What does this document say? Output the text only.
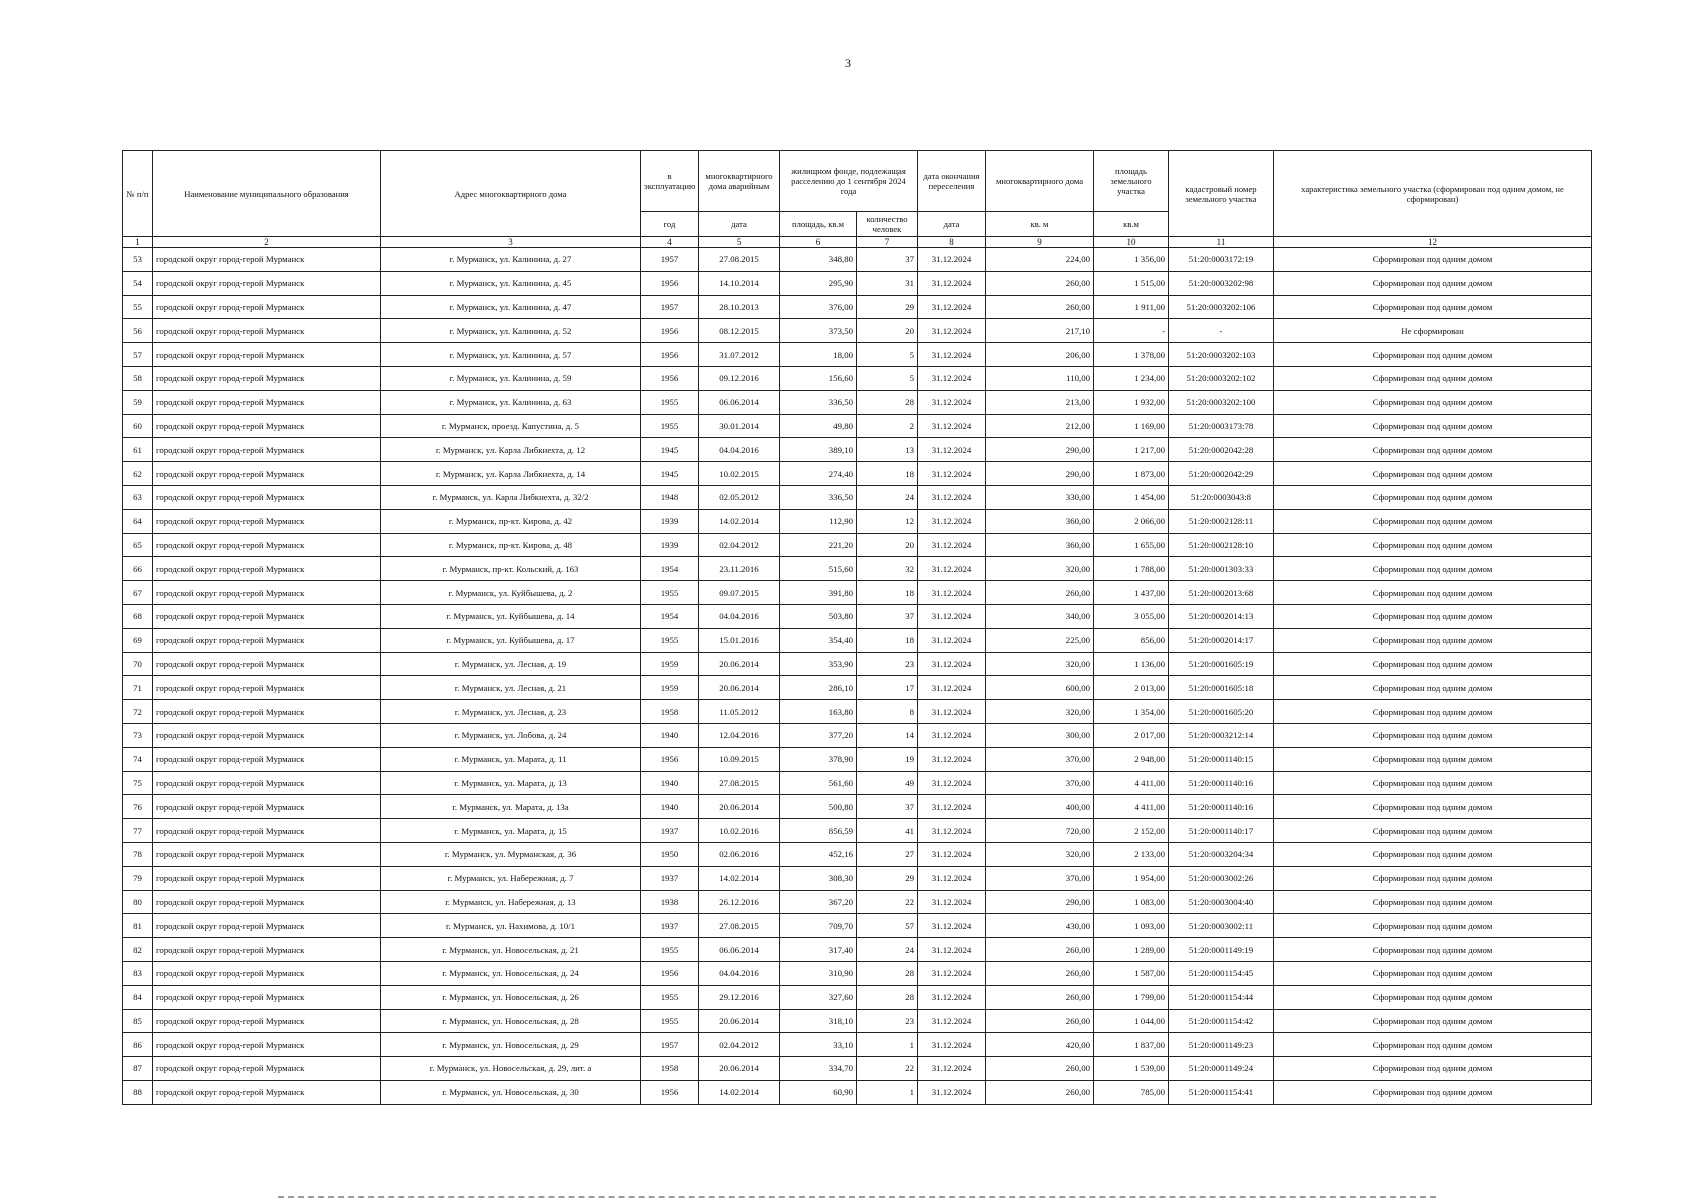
3
№ п/п	Наименование муниципального образования	Адрес многоквартирного дома	в эксплуатацию	многоквартирного дома аварийным	жилищном фонде, подлежащая расселению до 1 сентября 2024 года		дата окончания переселения	многоквартирного дома	площадь земельного участка	кадастровый номер земельного участка	характеристика земельного участка (сформирован под одним домом, не сформирован)
			год	дата	площадь, кв.м	количество человек	дата	кв. м	кв.м		
1	2	3	4	5	6	7	8	9	10	11	12
53	городской округ город-герой Мурманск	г. Мурманск, ул. Калинина, д. 27	1957	27.08.2015	348,80	37	31.12.2024	224,00	1 356,00	51:20:0003172:19	Сформирован под одним домом
54	городской округ город-герой Мурманск	г. Мурманск, ул. Калинина, д. 45	1956	14.10.2014	295,90	31	31.12.2024	260,00	1 515,00	51:20:0003202:98	Сформирован под одним домом
55	городской округ город-герой Мурманск	г. Мурманск, ул. Калинина, д. 47	1957	28.10.2013	376,00	29	31.12.2024	260,00	1 911,00	51:20:0003202:106	Сформирован под одним домом
56	городской округ город-герой Мурманск	г. Мурманск, ул. Калинина, д. 52	1956	08.12.2015	373,50	20	31.12.2024	217,10	-	-	Не сформирован
57	городской округ город-герой Мурманск	г. Мурманск, ул. Калинина, д. 57	1956	31.07.2012	18,00	5	31.12.2024	206,00	1 378,00	51:20:0003202:103	Сформирован под одним домом
58	городской округ город-герой Мурманск	г. Мурманск, ул. Калинина, д. 59	1956	09.12.2016	156,60	5	31.12.2024	110,00	1 234,00	51:20:0003202:102	Сформирован под одним домом
59	городской округ город-герой Мурманск	г. Мурманск, ул. Калинина, д. 63	1955	06.06.2014	336,50	28	31.12.2024	213,00	1 932,00	51:20:0003202:100	Сформирован под одним домом
60	городской округ город-герой Мурманск	г. Мурманск, проезд. Капустина, д. 5	1955	30.01.2014	49,80	2	31.12.2024	212,00	1 169,00	51:20:0003173:78	Сформирован под одним домом
61	городской округ город-герой Мурманск	г. Мурманск, ул. Карла Либкнехта, д. 12	1945	04.04.2016	389,10	13	31.12.2024	290,00	1 217,00	51:20:0002042:28	Сформирован под одним домом
62	городской округ город-герой Мурманск	г. Мурманск, ул. Карла Либкнехта, д. 14	1945	10.02.2015	274,40	18	31.12.2024	290,00	1 873,00	51:20:0002042:29	Сформирован под одним домом
63	городской округ город-герой Мурманск	г. Мурманск, ул. Карла Либкнехта, д. 32/2	1948	02.05.2012	336,50	24	31.12.2024	330,00	1 454,00	51:20:0003043:8	Сформирован под одним домом
64	городской округ город-герой Мурманск	г. Мурманск, пр-кт. Кирова, д. 42	1939	14.02.2014	112,90	12	31.12.2024	360,00	2 066,00	51:20:0002128:11	Сформирован под одним домом
65	городской округ город-герой Мурманск	г. Мурманск, пр-кт. Кирова, д. 48	1939	02.04.2012	221,20	20	31.12.2024	360,00	1 655,00	51:20:0002128:10	Сформирован под одним домом
66	городской округ город-герой Мурманск	г. Мурманск, пр-кт. Кольский, д. 163	1954	23.11.2016	515,60	32	31.12.2024	320,00	1 788,00	51:20:0001303:33	Сформирован под одним домом
67	городской округ город-герой Мурманск	г. Мурманск, ул. Куйбышева, д. 2	1955	09.07.2015	391,80	18	31.12.2024	260,00	1 437,00	51:20:0002013:68	Сформирован под одним домом
68	городской округ город-герой Мурманск	г. Мурманск, ул. Куйбышева, д. 14	1954	04.04.2016	503,80	37	31.12.2024	340,00	3 055,00	51:20:0002014:13	Сформирован под одним домом
69	городской округ город-герой Мурманск	г. Мурманск, ул. Куйбышева, д. 17	1955	15.01.2016	354,40	18	31.12.2024	225,00	856,00	51:20:0002014:17	Сформирован под одним домом
70	городской округ город-герой Мурманск	г. Мурманск, ул. Лесная, д. 19	1959	20.06.2014	353,90	23	31.12.2024	320,00	1 136,00	51:20:0001605:19	Сформирован под одним домом
71	городской округ город-герой Мурманск	г. Мурманск, ул. Лесная, д. 21	1959	20.06.2014	286,10	17	31.12.2024	600,00	2 013,00	51:20:0001605:18	Сформирован под одним домом
72	городской округ город-герой Мурманск	г. Мурманск, ул. Лесная, д. 23	1958	11.05.2012	163,80	8	31.12.2024	320,00	1 354,00	51:20:0001605:20	Сформирован под одним домом
73	городской округ город-герой Мурманск	г. Мурманск, ул. Лобова, д. 24	1940	12.04.2016	377,20	14	31.12.2024	300,00	2 017,00	51:20:0003212:14	Сформирован под одним домом
74	городской округ город-герой Мурманск	г. Мурманск, ул. Марата, д. 11	1956	10.09.2015	378,90	19	31.12.2024	370,00	2 948,00	51:20:0001140:15	Сформирован под одним домом
75	городской округ город-герой Мурманск	г. Мурманск, ул. Марата, д. 13	1940	27.08.2015	561,60	49	31.12.2024	370,00	4 411,00	51:20:0001140:16	Сформирован под одним домом
76	городской округ город-герой Мурманск	г. Мурманск, ул. Марата, д. 13а	1940	20.06.2014	500,80	37	31.12.2024	400,00	4 411,00	51:20:0001140:16	Сформирован под одним домом
77	городской округ город-герой Мурманск	г. Мурманск, ул. Марата, д. 15	1937	10.02.2016	856,59	41	31.12.2024	720,00	2 152,00	51:20:0001140:17	Сформирован под одним домом
78	городской округ город-герой Мурманск	г. Мурманск, ул. Мурманская, д. 36	1950	02.06.2016	452,16	27	31.12.2024	320,00	2 133,00	51:20:0003204:34	Сформирован под одним домом
79	городской округ город-герой Мурманск	г. Мурманск, ул. Набережная, д. 7	1937	14.02.2014	308,30	29	31.12.2024	370,00	1 954,00	51:20:0003002:26	Сформирован под одним домом
80	городской округ город-герой Мурманск	г. Мурманск, ул. Набережная, д. 13	1938	26.12.2016	367,20	22	31.12.2024	290,00	1 083,00	51:20:0003004:40	Сформирован под одним домом
81	городской округ город-герой Мурманск	г. Мурманск, ул. Нахимова, д. 10/1	1937	27.08.2015	709,70	57	31.12.2024	430,00	1 093,00	51:20:0003002:11	Сформирован под одним домом
82	городской округ город-герой Мурманск	г. Мурманск, ул. Новосельская, д. 21	1955	06.06.2014	317,40	24	31.12.2024	260,00	1 289,00	51:20:0001149:19	Сформирован под одним домом
83	городской округ город-герой Мурманск	г. Мурманск, ул. Новосельская, д. 24	1956	04.04.2016	310,90	28	31.12.2024	260,00	1 587,00	51:20:0001154:45	Сформирован под одним домом
84	городской округ город-герой Мурманск	г. Мурманск, ул. Новосельская, д. 26	1955	29.12.2016	327,60	28	31.12.2024	260,00	1 799,00	51:20:0001154:44	Сформирован под одним домом
85	городской округ город-герой Мурманск	г. Мурманск, ул. Новосельская, д. 28	1955	20.06.2014	318,10	23	31.12.2024	260,00	1 044,00	51:20:0001154:42	Сформирован под одним домом
86	городской округ город-герой Мурманск	г. Мурманск, ул. Новосельская, д. 29	1957	02.04.2012	33,10	1	31.12.2024	420,00	1 837,00	51:20:0001149:23	Сформирован под одним домом
87	городской округ город-герой Мурманск	г. Мурманск, ул. Новосельская, д. 29, лит. а	1958	20.06.2014	334,70	22	31.12.2024	260,00	1 539,00	51:20:0001149:24	Сформирован под одним домом
88	городской округ город-герой Мурманск	г. Мурманск, ул. Новосельская, д. 30	1956	14.02.2014	60,90	1	31.12.2024	260,00	785,00	51:20:0001154:41	Сформирован под одним домом
